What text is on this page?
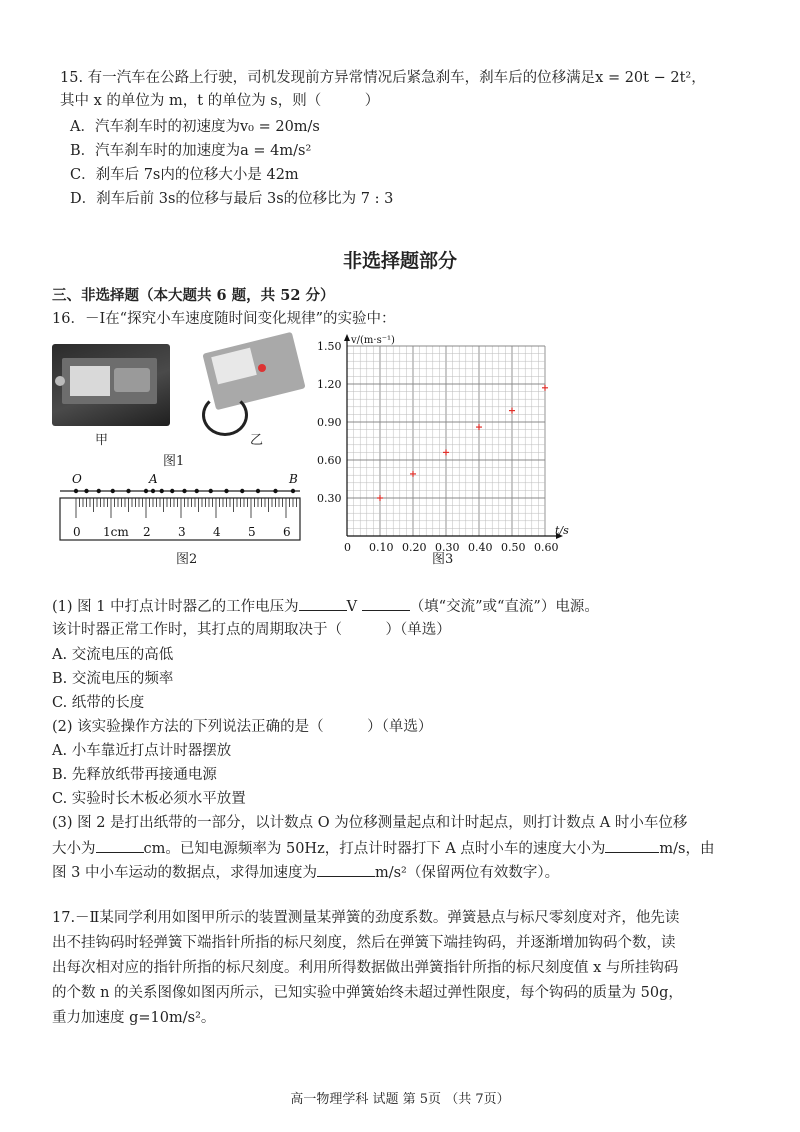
15. 有一汽车在公路上行驶，司机发现前方异常情况后紧急刹车，刹车后的位移满足x = 20t − 2t²，
其中 x 的单位为 m，t 的单位为 s，则（　　　）
A．汽车刹车时的初速度为v₀ = 20m/s
B．汽车刹车时的加速度为a = 4m/s²
C．刹车后 7s内的位移大小是 42m
D．刹车后前 3s的位移与最后 3s的位移比为 7 : 3
非选择题部分
三、非选择题（本大题共 6 题，共 52 分）
16．－Ⅰ在“探究小车速度随时间变化规律”的实验中：
甲	乙
图1
O	A	B
0 1cm 2 3 4 5 6
图2
t/s
v/(m·s⁻¹)
0 0.10 0.20 0.30 0.40 0.50 0.60
0.30
0.60
0.90
1.20
1.50
图3
(1) 图 1 中打点计时器乙的工作电压为	V	（填“交流”或“直流”）电源。
该计时器正常工作时，其打点的周期取决于（　　　）（单选）
A. 交流电压的高低
B. 交流电压的频率
C. 纸带的长度
(2) 该实验操作方法的下列说法正确的是（　　　）（单选）
A. 小车靠近打点计时器摆放
B. 先释放纸带再接通电源
C. 实验时长木板必须水平放置
(3) 图 2 是打出纸带的一部分，以计数点 O 为位移测量起点和计时起点，则打计数点 A 时小车位移
大小为	cm。已知电源频率为 50Hz，打点计时器打下 A 点时小车的速度大小为	m/s，由
图 3 中小车运动的数据点，求得加速度为	m/s²（保留两位有效数字）。
17.－Ⅱ某同学利用如图甲所示的装置测量某弹簧的劲度系数。弹簧悬点与标尺零刻度对齐，他先读
出不挂钩码时轻弹簧下端指针所指的标尺刻度，然后在弹簧下端挂钩码，并逐渐增加钩码个数，读
出每次相对应的指针所指的标尺刻度。利用所得数据做出弹簧指针所指的标尺刻度值 x 与所挂钩码
的个数 n 的关系图像如图丙所示，已知实验中弹簧始终未超过弹性限度，每个钩码的质量为 50g，
重力加速度 g=10m/s²。
高一物理学科 试题 第 5页 （共 7页）
